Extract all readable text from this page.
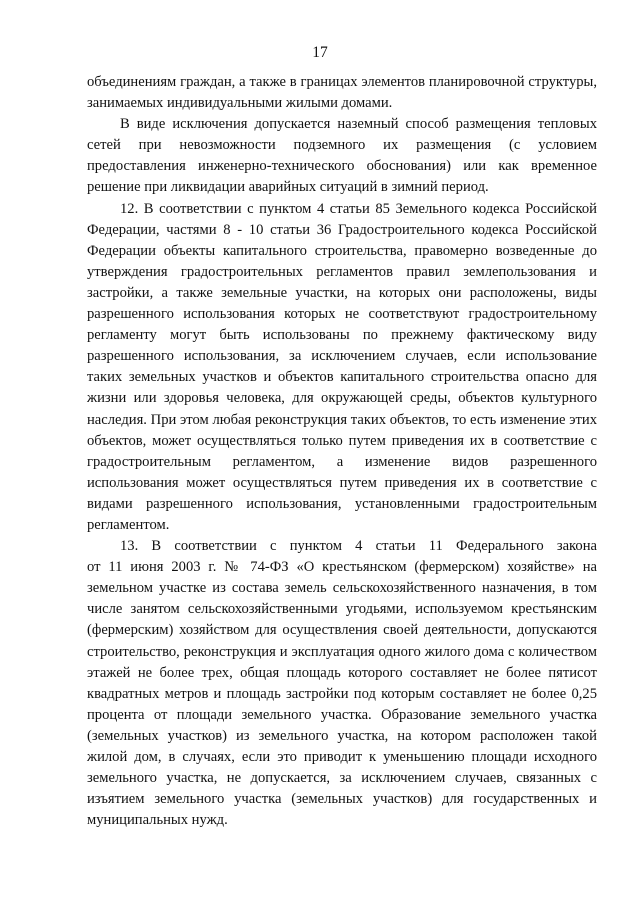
17
объединениям граждан, а также в границах элементов планировочной структуры,
занимаемых индивидуальными жилыми домами.
В виде исключения допускается наземный способ размещения тепловых
сетей при невозможности подземного их размещения (с условием
предоставления инженерно-технического обоснования) или как временное
решение при ликвидации аварийных ситуаций в зимний период.
12. В соответствии с пунктом 4 статьи 85 Земельного кодекса Российской
Федерации, частями 8 - 10 статьи 36 Градостроительного кодекса Российской
Федерации объекты капитального строительства, правомерно возведенные до
утверждения градостроительных регламентов правил землепользования и
застройки, а также земельные участки, на которых они расположены, виды
разрешенного использования которых не соответствуют градостроительному
регламенту могут быть использованы по прежнему фактическому виду
разрешенного использования, за исключением случаев, если использование
таких земельных участков и объектов капитального строительства опасно для
жизни или здоровья человека, для окружающей среды, объектов культурного
наследия. При этом любая реконструкция таких объектов, то есть изменение этих
объектов, может осуществляться только путем приведения их в соответствие с
градостроительным регламентом, а изменение видов разрешенного
использования может осуществляться путем приведения их в соответствие с
видами разрешенного использования, установленными градостроительным
регламентом.
13. В соответствии с пунктом 4 статьи 11 Федерального закона
от 11 июня 2003 г. № 74-ФЗ «О крестьянском (фермерском) хозяйстве» на
земельном участке из состава земель сельскохозяйственного назначения, в том
числе занятом сельскохозяйственными угодьями, используемом крестьянским
(фермерским) хозяйством для осуществления своей деятельности, допускаются
строительство, реконструкция и эксплуатация одного жилого дома с количеством
этажей не более трех, общая площадь которого составляет не более пятисот
квадратных метров и площадь застройки под которым составляет не более 0,25
процента от площади земельного участка. Образование земельного участка
(земельных участков) из земельного участка, на котором расположен такой
жилой дом, в случаях, если это приводит к уменьшению площади исходного
земельного участка, не допускается, за исключением случаев, связанных с
изъятием земельного участка (земельных участков) для государственных и
муниципальных нужд.
